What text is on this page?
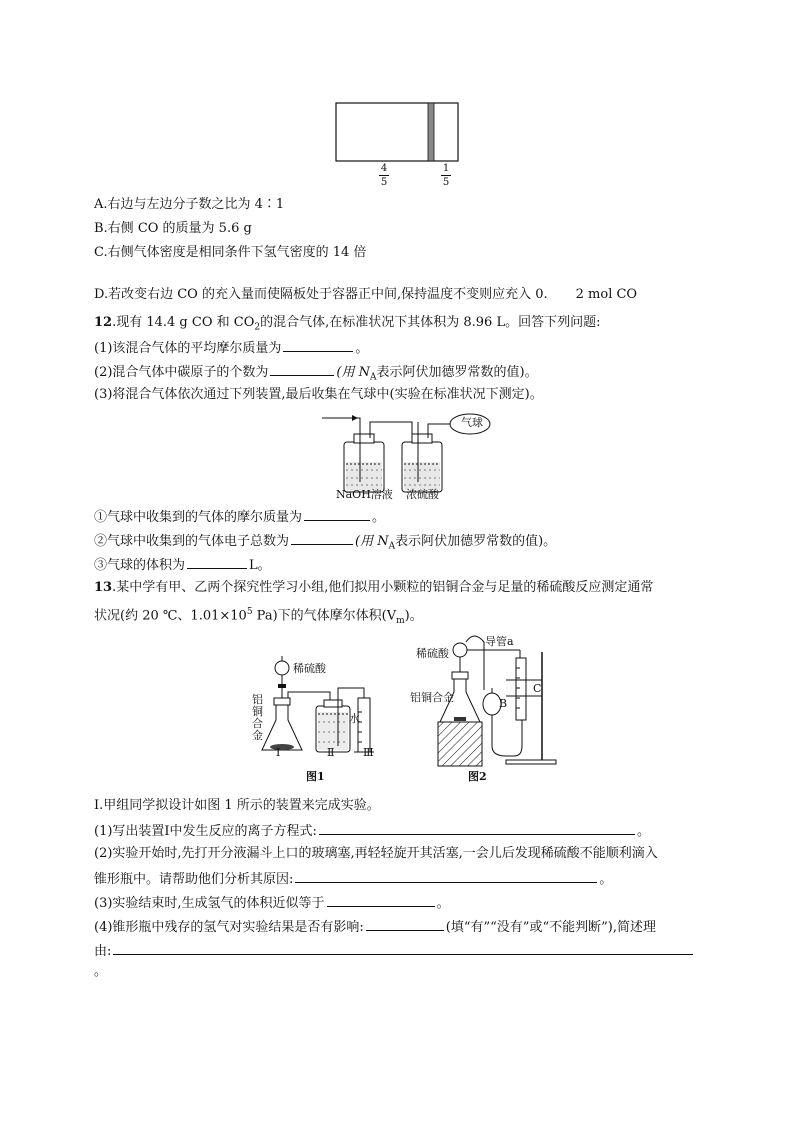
4
5
1
5
A.右边与左边分子数之比为 4∶1
B.右侧 CO 的质量为 5.6 g
C.右侧气体密度是相同条件下氢气密度的 14 倍
D.若改变右边 CO 的充入量而使隔板处于容器正中间,保持温度不变则应充入 0. 2 mol CO
12.现有 14.4 g CO 和 $CO_2$的混合气体,在标准状况下其体积为 8.96 L。回答下列问题:
(1)该混合气体的平均摩尔质量为	。
(2)混合气体中碳原子的个数为	(用 $N_A$表示阿伏加德罗常数的值)。
(3)将混合气体依次通过下列装置,最后收集在气球中(实验在标准状况下测定)。
气球
NaOH溶液 浓硫酸
①气球中收集到的气体的摩尔质量为	。
②气球中收集到的气体电子总数为	(用 $N_A$表示阿伏加德罗常数的值)。
③气球的体积为	L。
13.某中学有甲、乙两个探究性学习小组,他们拟用小颗粒的铝铜合金与足量的稀硫酸反应测定通常
状况(约 20 ℃、$1.01\times 10^5$ Pa)下的气体摩尔体积$(V_m)$。
稀硫酸
铝铜合金
水
Ⅰ	Ⅱ	Ⅲ
图1
导管a
稀硫酸
铝铜合金	B
C
图2
Ⅰ.甲组同学拟设计如图 1 所示的装置来完成实验。
(1)写出装置Ⅰ中发生反应的离子方程式:	。
(2)实验开始时,先打开分液漏斗上口的玻璃塞,再轻轻旋开其活塞,一会儿后发现稀硫酸不能顺利滴入
锥形瓶中。请帮助他们分析其原因:	。
(3)实验结束时,生成氢气的体积近似等于	。
(4)锥形瓶中残存的氢气对实验结果是否有影响:	(填“有”“没有”或“不能判断”),简述理
由:
。
